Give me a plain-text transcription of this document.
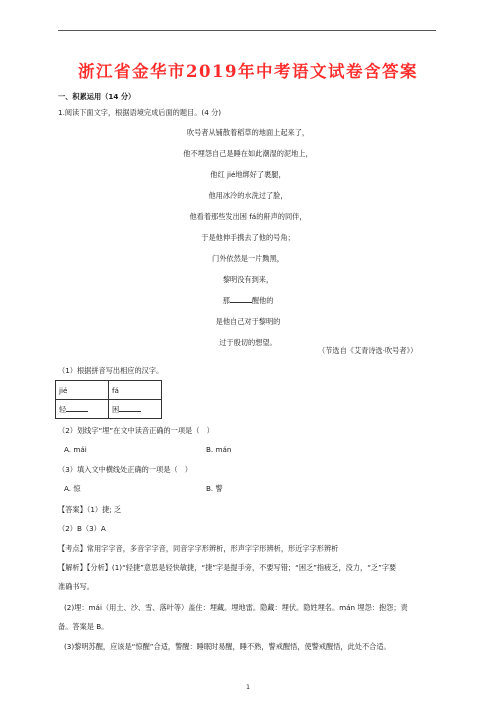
浙江省金华市2019年中考语文试卷含答案
一、积累运用（14 分）
1.阅读下面文字，根据语境完成后面的题目。(4 分)
吹号者从铺散着稻草的地面上起来了，
他不埋怨自己是睡在如此潮湿的泥地上，
他红 jié地绑好了裹腿，
他用冰冷的水洗过了脸，
他看着那些发出困 fá的鼾声的同伴，
于是他伸手携去了他的号角；
门外依然是一片黝黑，
黎明没有到来，
那	醒他的
是他自己对于黎明的
过于殷切的想望。
（节选自《艾青诗选·吹号者》）
（1）根据拼音写出相应的汉字。
jié	fá
轻	困
（2）划线字“埋”在文中读音正确的一项是（　）
A. mái	B. mán
（3）填入文中横线处正确的一项是（　）
A. 惊	B. 警
【答案】（1）捷; 乏
（2）B（3）A
【考点】常用字字音，多音字字音，同音字字形辨析，形声字字形辨析，形近字字形辨析
【解析】【分析】(1)“轻捷”意思是轻快敏捷，“捷”字是提手旁，不要写错；“困乏”指疲乏，没力，“乏”字要
准确书写。
(2)埋：mái（用土、沙、雪、落叶等）盖住：埋藏。埋地雷。隐藏：埋伏。隐姓埋名。mán 埋怨：抱怨；责
备。答案是 B。
(3)黎明苏醒，应该是“惊醒”合适，警醒：睡眠时易醒，睡不熟，警戒醒悟，使警戒醒悟，此处不合适。
1
